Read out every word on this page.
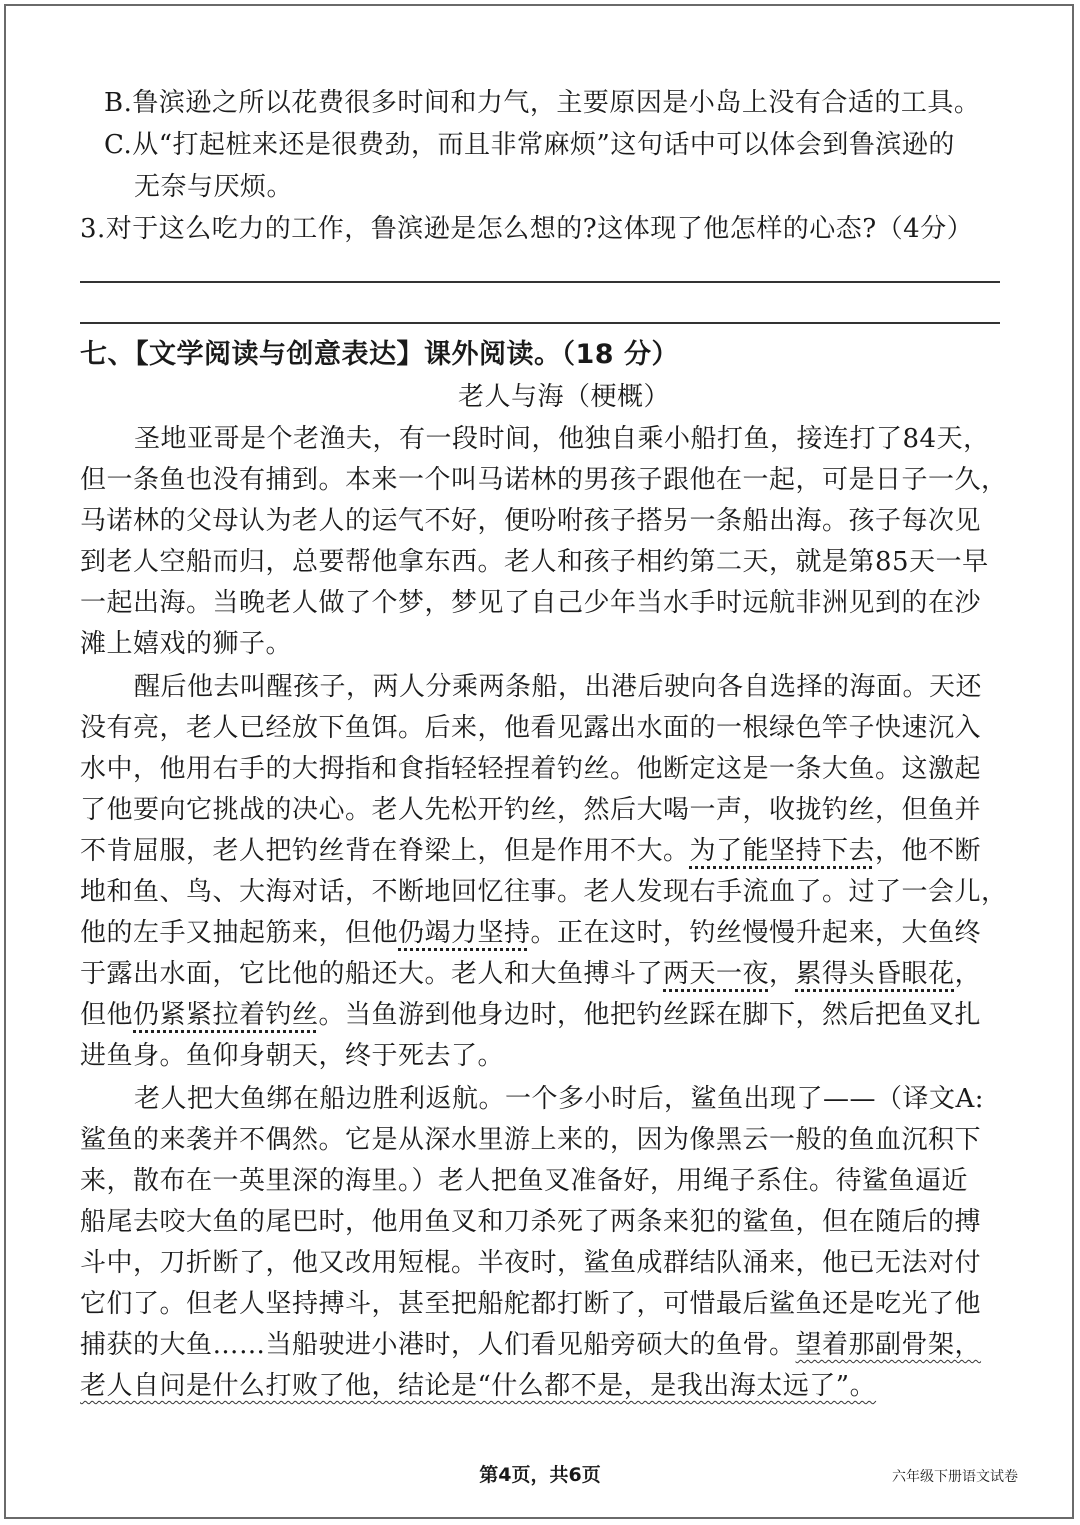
B.鲁滨逊之所以花费很多时间和力气，主要原因是小岛上没有合适的工具。
C.从“打起桩来还是很费劲，而且非常麻烦”这句话中可以体会到鲁滨逊的
无奈与厌烦。
3.对于这么吃力的工作，鲁滨逊是怎么想的?这体现了他怎样的心态?（4分）
七、【文学阅读与创意表达】课外阅读。（18 分）
老人与海（梗概）
圣地亚哥是个老渔夫，有一段时间，他独自乘小船打鱼，接连打了84天，
但一条鱼也没有捕到。本来一个叫马诺林的男孩子跟他在一起，可是日子一久，
马诺林的父母认为老人的运气不好，便吩咐孩子搭另一条船出海。孩子每次见
到老人空船而归，总要帮他拿东西。老人和孩子相约第二天，就是第85天一早
一起出海。当晚老人做了个梦，梦见了自己少年当水手时远航非洲见到的在沙
滩上嬉戏的狮子。
醒后他去叫醒孩子，两人分乘两条船，出港后驶向各自选择的海面。天还
没有亮，老人已经放下鱼饵。后来，他看见露出水面的一根绿色竿子快速沉入
水中，他用右手的大拇指和食指轻轻捏着钓丝。他断定这是一条大鱼。这激起
了他要向它挑战的决心。老人先松开钓丝，然后大喝一声，收拢钓丝，但鱼并
不肯屈服，老人把钓丝背在脊梁上，但是作用不大。为了能坚持下去，他不断
地和鱼、鸟、大海对话，不断地回忆往事。老人发现右手流血了。过了一会儿，
他的左手又抽起筋来，但他仍竭力坚持。正在这时，钓丝慢慢升起来，大鱼终
于露出水面，它比他的船还大。老人和大鱼搏斗了两天一夜，累得头昏眼花，
但他仍紧紧拉着钓丝。当鱼游到他身边时，他把钓丝踩在脚下，然后把鱼叉扎
进鱼身。鱼仰身朝天，终于死去了。
老人把大鱼绑在船边胜利返航。一个多小时后，鲨鱼出现了——（译文A:
鲨鱼的来袭并不偶然。它是从深水里游上来的，因为像黑云一般的鱼血沉积下
来，散布在一英里深的海里。）老人把鱼叉准备好，用绳子系住。待鲨鱼逼近
船尾去咬大鱼的尾巴时，他用鱼叉和刀杀死了两条来犯的鲨鱼，但在随后的搏
斗中，刀折断了，他又改用短棍。半夜时，鲨鱼成群结队涌来，他已无法对付
它们了。但老人坚持搏斗，甚至把船舵都打断了，可惜最后鲨鱼还是吃光了他
捕获的大鱼……当船驶进小港时，人们看见船旁硕大的鱼骨。望着那副骨架，
老人自问是什么打败了他，结论是“什么都不是，是我出海太远了”。
第4页，共6页	六年级下册语文试卷
